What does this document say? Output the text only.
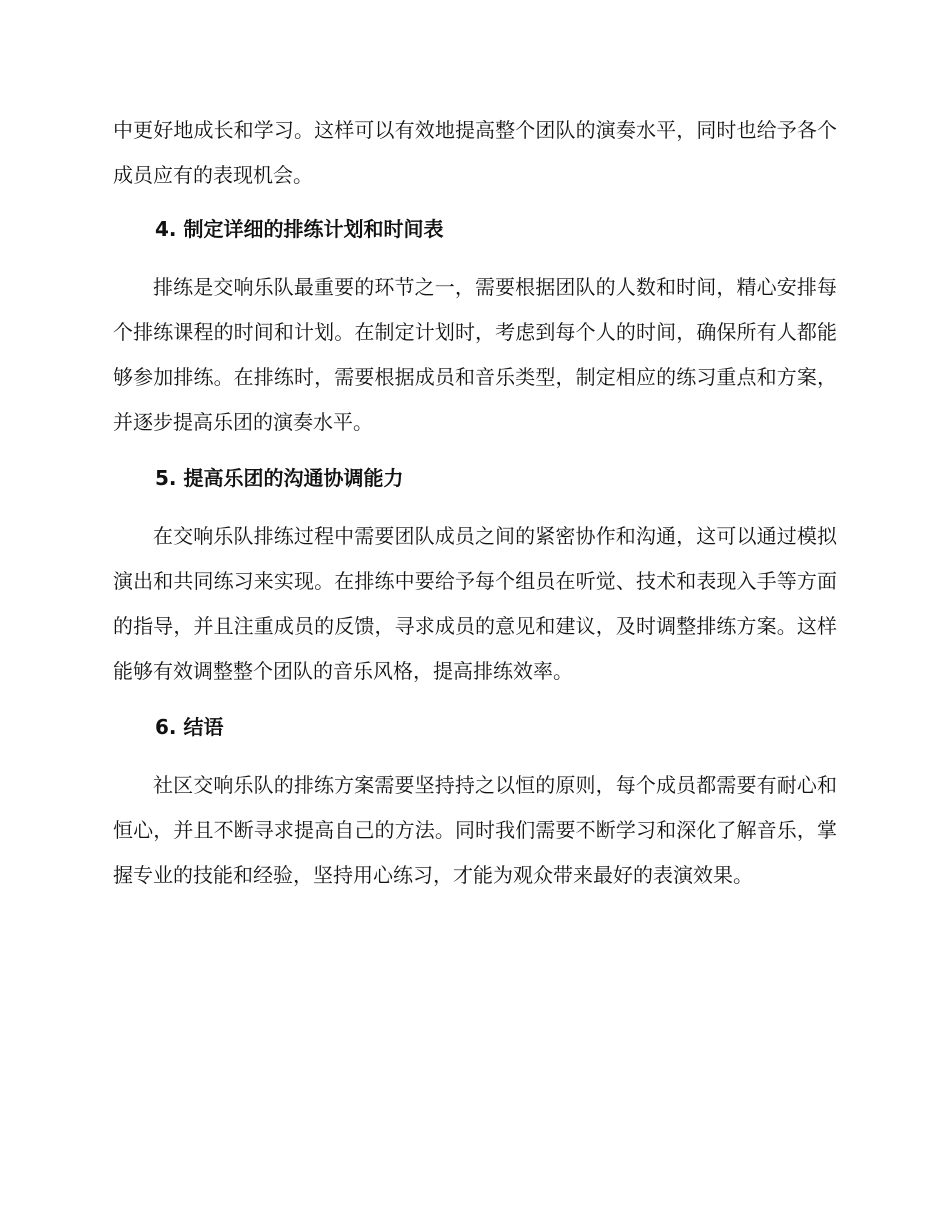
中更好地成长和学习。这样可以有效地提高整个团队的演奏水平，同时也给予各个成员应有的表现机会。

4. 制定详细的排练计划和时间表

排练是交响乐队最重要的环节之一，需要根据团队的人数和时间，精心安排每个排练课程的时间和计划。在制定计划时，考虑到每个人的时间，确保所有人都能够参加排练。在排练时，需要根据成员和音乐类型，制定相应的练习重点和方案，并逐步提高乐团的演奏水平。

5. 提高乐团的沟通协调能力

在交响乐队排练过程中需要团队成员之间的紧密协作和沟通，这可以通过模拟演出和共同练习来实现。在排练中要给予每个组员在听觉、技术和表现入手等方面的指导，并且注重成员的反馈，寻求成员的意见和建议，及时调整排练方案。这样能够有效调整整个团队的音乐风格，提高排练效率。

6. 结语

社区交响乐队的排练方案需要坚持持之以恒的原则，每个成员都需要有耐心和恒心，并且不断寻求提高自己的方法。同时我们需要不断学习和深化了解音乐，掌握专业的技能和经验，坚持用心练习，才能为观众带来最好的表演效果。
